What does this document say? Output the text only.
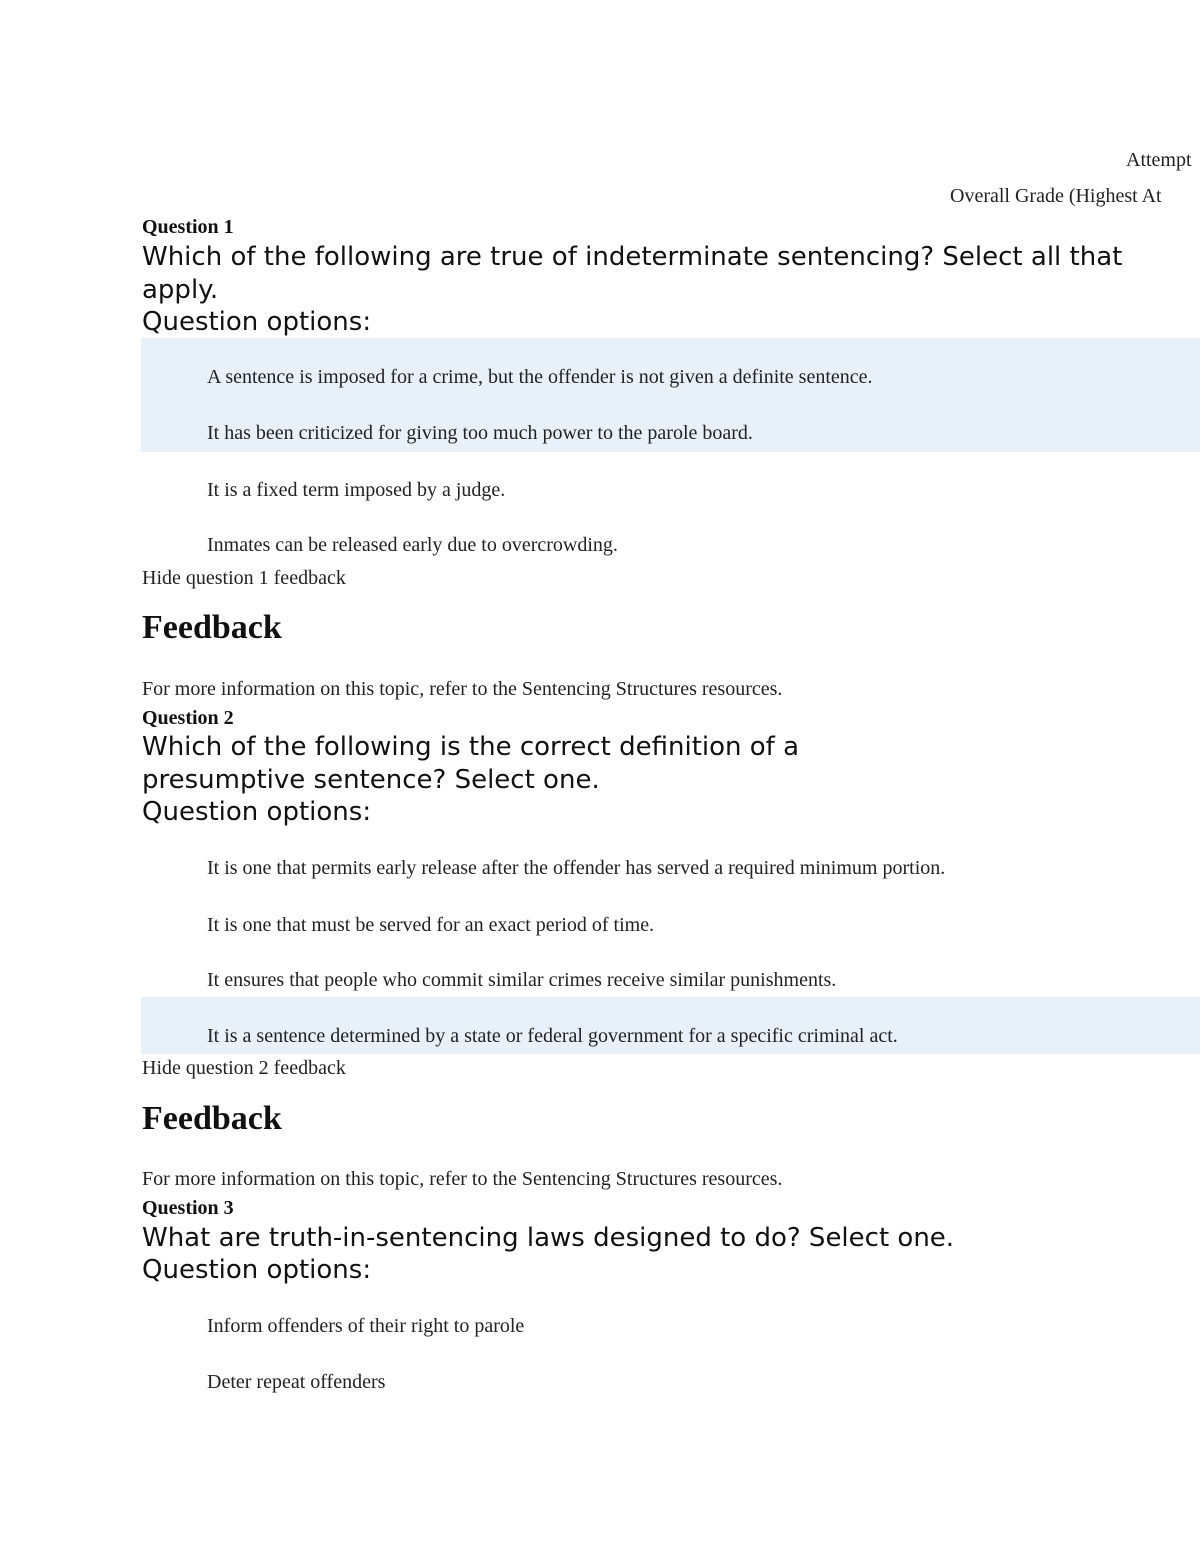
Attempt
Overall Grade (Highest At
Question 1
Which of the following are true of indeterminate sentencing? Select all that apply.
Question options:
A sentence is imposed for a crime, but the offender is not given a definite sentence.
It has been criticized for giving too much power to the parole board.
It is a fixed term imposed by a judge.
Inmates can be released early due to overcrowding.
Hide question 1 feedback
Feedback
For more information on this topic, refer to the Sentencing Structures resources.
Question 2
Which of the following is the correct definition of a presumptive sentence? Select one.
Question options:
It is one that permits early release after the offender has served a required minimum portion.
It is one that must be served for an exact period of time.
It ensures that people who commit similar crimes receive similar punishments.
It is a sentence determined by a state or federal government for a specific criminal act.
Hide question 2 feedback
Feedback
For more information on this topic, refer to the Sentencing Structures resources.
Question 3
What are truth-in-sentencing laws designed to do? Select one.
Question options:
Inform offenders of their right to parole
Deter repeat offenders
